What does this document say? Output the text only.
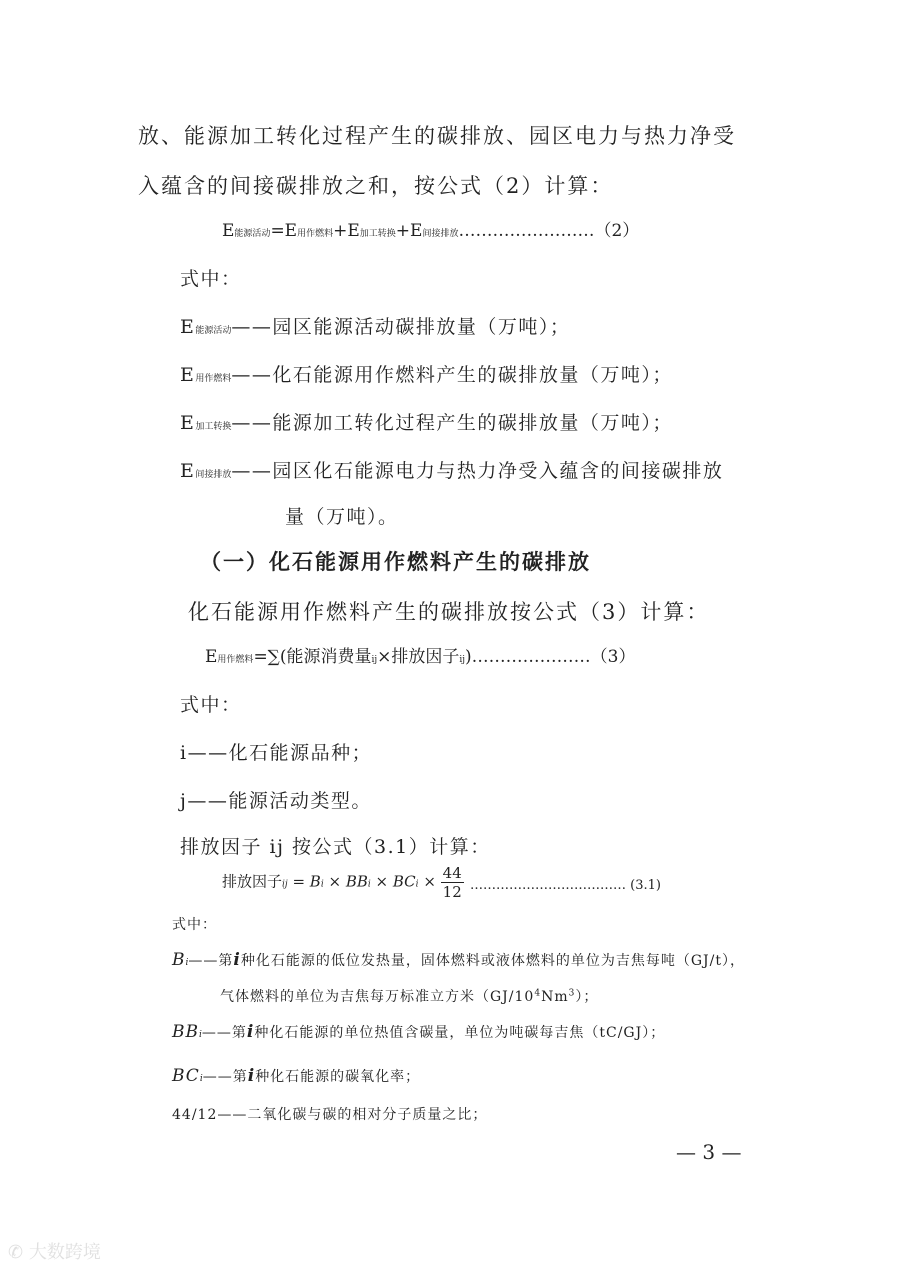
放、能源加工转化过程产生的碳排放、园区电力与热力净受
入蕴含的间接碳排放之和，按公式（2）计算：
E能源活动=E用作燃料+E加工转换+E间接排放……………………（2）
式中：
E能源活动——园区能源活动碳排放量（万吨）；
E用作燃料——化石能源用作燃料产生的碳排放量（万吨）；
E加工转换——能源加工转化过程产生的碳排放量（万吨）；
E间接排放——园区化石能源电力与热力净受入蕴含的间接碳排放
量（万吨）。
（一）化石能源用作燃料产生的碳排放
化石能源用作燃料产生的碳排放按公式（3）计算：
E用作燃料=∑(能源消费量ij×排放因子ij)…………………（3）
式中：
i——化石能源品种；
j——能源活动类型。
排放因子 ij 按公式（3.1）计算：
排放因子ij = Bi × BBi × BCi × $\frac{44}{12}$ ……………………………… (3.1)
式中：
Bi——第i种化石能源的低位发热量，固体燃料或液体燃料的单位为吉焦每吨（GJ/t），
气体燃料的单位为吉焦每万标准立方米$(GJ/10^4Nm^3)$；
BBi——第i种化石能源的单位热值含碳量，单位为吨碳每吉焦（tC/GJ）；
BCi——第i种化石能源的碳氧化率；
44/12——二氧化碳与碳的相对分子质量之比；
— 3 —
✆ 大数跨境
